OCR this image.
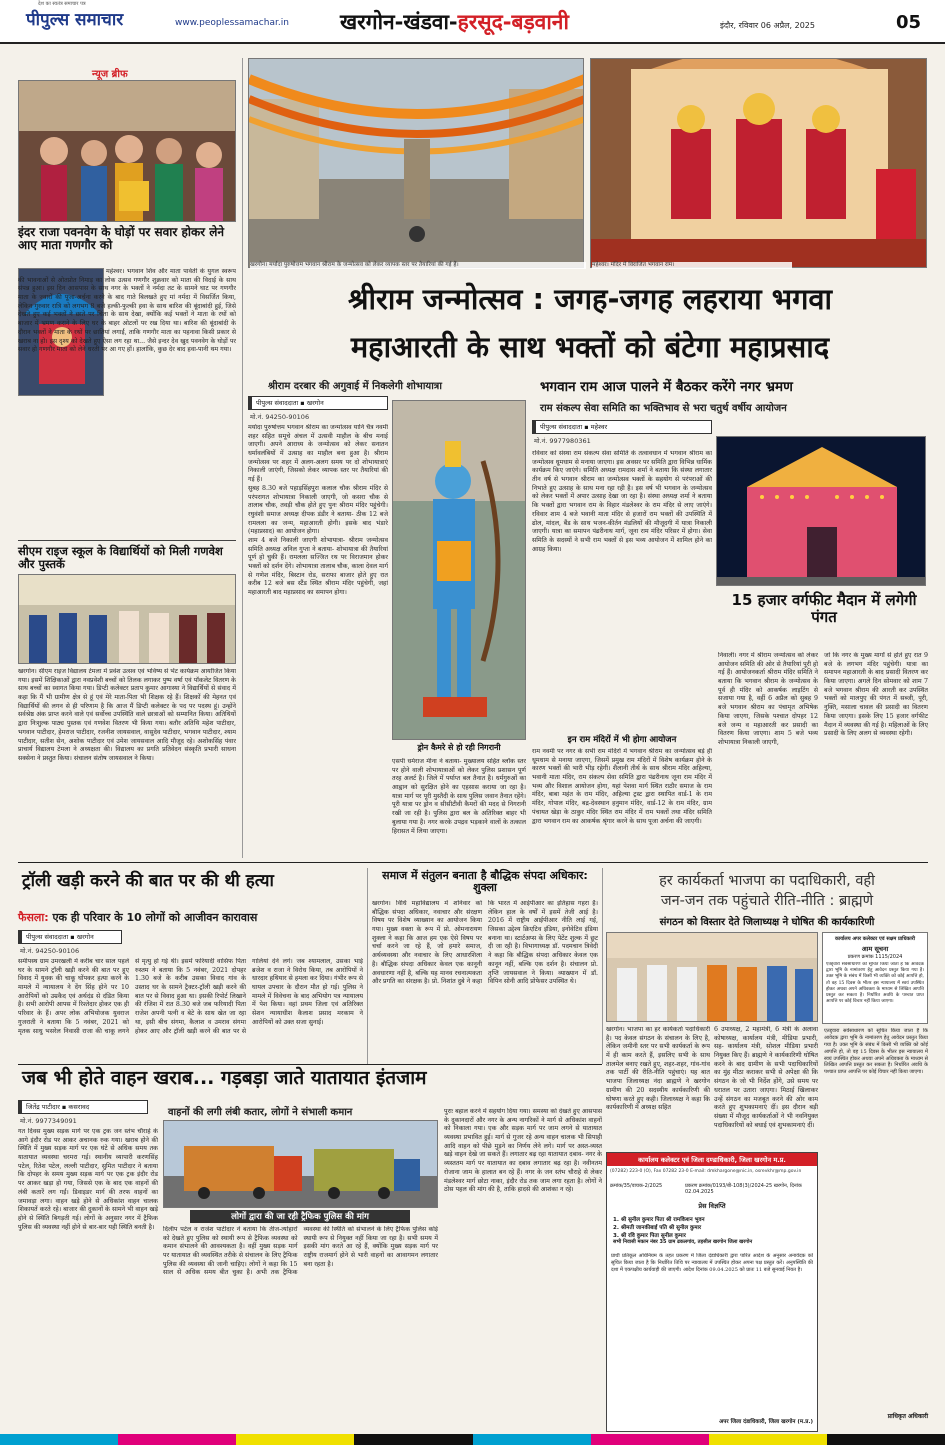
देश का स्वतंत्र समाचार पत्र
पीपुल्स समाचार	www.peoplessamachar.in खरगोन-खंडवा-हरसूद-बड़वानी	इंदौर, रविवार 06 अप्रैल, 2025	05
न्यूज ब्रीफ
इंदर राजा पवनवेग के घोड़ों पर सवार होकर लेने आए माता गणगौर को
महेश्वर। भगवान शिव और माता पार्वती के युगल स्वरूप की भावनाओं से ओतप्रोत निमाड़ का लोक उत्सव गणगौर शुक्रवार को माता की विदाई के साथ संपन्न हुआ। इस दिन आसपास के साथ नगर के भक्तों ने नर्मदा तट के सामने घाट पर गणगौर माता के ज्वारों की पूजा-अर्चना करने के बाद गाते बिलखते हुए मां नर्मदा में विसर्जित किया, लेकिन गुरुवार रात्रि को लगभग 8 बजे हल्की-फुल्की हवा के साथ बारिश की बूंदाबांदी हुई, जिसे देखते हुए कई भक्तों ने छाते पर चिंता के साथ देखा, क्योंकि कई भक्तों ने माता के रथों को बाजार में भ्रमण कराने के लिए घर के बाहर ओटलों पर रख दिया था। बारिश की बूंदाबांदी के दौरान भक्तों ने माता के रथों पर छातियां लगाईं, ताकि गणगौर माता का पहनावा किसी प्रकार से खराब ना हो। इस दृश्य को देखते हुए ऐसा लग रहा था... जैसे इन्दर देव खुद पवनवेग के घोड़ों पर सवार हो गणगौर माता को लेने धरती पर आ गए हों। हालांकि, कुछ देर बाद हवा-पानी थम गया।
सीएम राइज स्कूल के विद्यार्थियों को मिली गणवेश और पुस्तकें
खरगोन। सीएम राइज विद्यालय टेमला में प्रवेश उत्सव एवं भविष्य से भेंट कार्यक्रम आयोजित किया गया। इसमें शिक्षिकाओं द्वारा नवप्रवेशी बच्चों को तिलक लगाकर पुष्प वर्षा एवं पॉकलेट वितरण के साथ बच्चों का स्वागत किया गया। डिप्टी कलेक्टर प्रताप कुमार आगास्या ने विद्यार्थियों से संवाद में कहा कि मैं भी ग्रामीण क्षेत्र से हूं एवं मेरे माता-पिता भी शिक्षक रहे हैं। शिक्षकों की मेहनत एवं विद्यार्थियों की लगन से ही परिणाम है कि आज मैं डिप्टी कलेक्टर के पद पर पदस्थ हूं। उन्होंने सर्वश्रेष्ठ अंक प्राप्त करने वाले एवं सर्वोच्च उपस्थिति वाले छात्राओं को सम्मानित किया। अतिथियों द्वारा निःशुल्क पाठ्य पुस्तक एवं गणवेश वितरण भी किया गया। बतौर अतिथि महेश पाटीदार, भगवान पाटीदार, हेमराज पाटीदार, रजनीश जायसवाल, वासुदेव पाटीदार, भगवान पाटीदार, श्याम पाटीदार, सतीश सेन, अशोक पाटीदार एवं उमेश जायसवाल आदि मौजूद रहे। अशोकसिंह पंवार प्राचार्य विद्यालय टेमला ने अध्यक्षता की। विद्यालय का प्रगति प्रतिवेदन संस्कृति प्रभारी साधना सक्सेना ने प्रस्तुत किया। संचालन संतोष जायसवाल ने किया।
खरगोन। मर्यादा पुरुषोत्तम भगवान श्रीराम के जन्मोत्सव को लेकर व्यापक स्तर पर तैयारियां की गई हैं।	महेश्वर। मंदिर में विराजित भगवान राम।
श्रीराम जन्मोत्सव : जगह-जगह लहराया भगवा
महाआरती के साथ भक्तों को बंटेगा महाप्रसाद
श्रीराम दरबार की अगुवाई में निकलेगी शोभायात्रा
पीपुल्स संवाददाता ▪ खरगोन
मो.नं. 94250-90106
मर्यादा पुरुषोत्तम भगवान श्रीराम का जन्मोत्सव यानि चैत्र नवमी शहर सहित समूचे अंचल में उत्सवी माहौल के बीच मनाई जाएगी। अपने आराध्य के जन्मोत्सव को लेकर सनातन धर्मावलंबियों में उत्साह का माहौल बना हुआ है। श्रीराम जन्मोत्सव पर शहर में अलग-अलग समय पर दो शोभायात्राएं निकाली जाएंगी, जिसको लेकर व्यापक स्तर पर तैयारियां की गई हैं।
सुबह 8.30 बजे पहाड़सिंहपुरा कलाल चौक श्रीराम मंदिर से परंपरागत शोभायात्रा निकाली जाएगी, जो कसरा चौक से तालाब चौक, तवड़ी चौक होते हुए पुनः श्रीराम मंदिर पहुंचेगी। रघुवंशी समाज अध्यक्ष दीपक डंडीर ने बताया- ठीक 12 बजे रामलला का जन्म, महाआरती होगी। इसके बाद भंडारे (महाप्रसाद) का आयोजन होगा।
शाम 4 बजे निकाली जाएगी शोभायात्रा- श्रीराम जन्मोत्सव समिति अध्यक्ष अनिल गुप्ता ने बताया- शोभायात्रा की तैयारियां पूर्ण हो चुकी हैं। रामलला सज्जित रथ पर विराजमान होकर भक्तों को दर्शन देंगे। शोभायात्रा तालाब चौक, काला देवल मार्ग से गणेश मंदिर, बिस्टान रोड, सराफा बाजार होते हुए रात करीब 12 बजे बस स्टैंड स्थित श्रीराम मंदिर पहुंचेगी, जहां महाआरती बाद महाप्रसाद का समापन होगा।
ड्रोन कैमरे से हो रही निगरानी
एसपी धर्मराज मीना ने बताया- मुख्यालय सहित ब्लॉक स्तर पर होने वाली शोभायात्राओं को लेकर पुलिस प्रशासन पूर्ण तरह अलर्ट है। जिले में पर्याप्त बल तैनात है। धर्मगुरुओं का आह्वान को सुरक्षित होने का एहसास कराया जा रहा है। यात्रा मार्ग पर पूरी मुस्तैदी के साथ पुलिस जवान तैनात रहेंगे। पूरी यात्रा पर ड्रोन व सीसीटीवी कैमरों की मदद से निगरानी रखी जा रही है। पुलिस द्वारा बल के अतिरिक्त बाहर भी बुलाया गया है। नगर करके उपद्रव भड़काने वालों के तत्काल हिरासत में लिया जाएगा।
भगवान राम आज पालने में बैठकर करेंगे नगर भ्रमण
राम संकल्प सेवा समिति का भक्तिभाव से भरा चतुर्थ वर्षीय आयोजन
पीपुल्स संवाददाता ▪ महेश्वर
मो.नं. 9977980361
रविवार को संस्था राम संकल्प सेवा समिति के तत्वावधान में भगवान श्रीराम का जन्मोत्सव धूमधाम से मनाया जाएगा। इस अवसर पर समिति द्वारा विभिन्न धार्मिक कार्यक्रम किए जाएंगे। समिति अध्यक्ष रामदास शर्मा ने बताया कि संस्था लगातार तीन वर्ष से भगवान श्रीराम का जन्मोत्सव भक्तों के सहयोग से परंपराओं की निभाते हुए उत्साह के साथ मना रहा रही है। इस वर्ष भी भगवान के जन्मोत्सव को लेकर भक्तों में अपार उत्साह देखा जा रहा है। संस्था अध्यक्ष शर्मा ने बताया कि भक्तों द्वारा भगवान राम के विहार मंडलेश्वर के राम मंदिर से लाए जाएंगे। रविवार शाम 4 बजे भवानी माता मंदिर से हजारों राम भक्तों की उपस्थिति में ढोल, मांदल, बैंड के साथ भजन-कीर्तन मंडलियों की मौजूदगी में यात्रा निकाली जाएगी। यात्रा का समापन पंढरीनाथ मार्ग, जूना राम मंदिर परिसर में होगा। सेवा समिति के सदस्यों ने सभी राम भक्तों से इस भव्य आयोजन में शामिल होने का आग्रह किया।
इन राम मंदिरों में भी होगा आयोजन
राम नवमी पर नगर के सभी राम मंदिरों में भगवान श्रीराम का जन्मोत्सव बड़े ही धूमधाम से मनाया जाएगा, जिसमें प्रमुख राम मंदिरों में विशेष कार्यक्रम होने के कारण भक्तों की भारी भीड़ रहेगी। शैलानी तीर्थ के साथ श्रीराम मंदिर अहिल्या, भवानी माता मंदिर, राम संकल्प सेवा समिति द्वारा पंढरीनाथ जूना राम मंदिर में भव्य और विशाल आयोजन होगा, यहां पेशवा मार्ग स्थित राठौर समाज के राम मंदिर, बाबा महंत के राम मंदिर, अहिल्या ट्रस्ट द्वारा स्थापित वार्ड-1 के राम मंदिर, गोपाल मंदिर, बद्र-देवस्थान हनुमान मंदिर, वार्ड-12 के राम मंदिर, ग्राम पंचायत खेड़ा के ठाकुर मंदिर स्थित राम मंदिर में राम भक्तों तथा मंदिर समिति द्वारा भगवान राम का आकर्षक श्रृंगार करने के साथ पूजा अर्चना की जाएगी।
15 हजार वर्गफीट मैदान में लगेगी पंगत
निवाली। नगर में श्रीराम जन्मोत्सव को लेकर आयोजन समिति की ओर से तैयारियां पूरी हो गई हैं। आयोजनकर्ता श्रीराम मंदिर समिति ने बताया कि भगवान श्रीराम के जन्मोत्सव के पूर्व ही मंदिर को आकर्षक लाइटिंग से सजाया गया है, वहीं 6 अप्रैल को सुबह 9 बजे भगवान श्रीराम का पंचामृत अभिषेक किया जाएगा, जिसके पश्चात दोपहर 12 बजे जन्म व महाआरती कर प्रसादी का वितरण किया जाएगा। शाम 5 बजे भव्य शोभायात्रा निकाली जाएगी,
जो कि नगर के मुख्य मार्गों से होते हुए रात 9 बजे के लगभग मंदिर पहुंचेगी। यात्रा का समापन महाआरती के बाद प्रसादी वितरण कर किया जाएगा। अगले दिन सोमवार को शाम 7 बजे भगवान श्रीराम की आरती कर उपस्थित भक्तों को मालपुए की पंगत में सब्जी, पूरी, नुक्ति, मसाला चावल की प्रसादी का वितरण किया जाएगा। इसके लिए 15 हजार वर्गफीट मैदान में व्यवस्था की गई है। महिलाओं के लिए प्रसादी के लिए अलग से व्यवस्था रहेगी।
ट्रॉली खड़ी करने की बात पर की थी हत्या
फैसला: एक ही परिवार के 10 लोगों को आजीवन कारावास
पीपुल्स संवाददाता ▪ खरगोन
मो.नं. 94250-90106
समीपस्थ ग्राम उमरखली में करीब चार साल पहले घर के सामने ट्रॉली खड़ी करने की बात पर हुए विवाद में युवक की चाकू घोंपकर हत्या करने के मामले में न्यायालय ने देंग सिंह होने पर 10 आरोपियों को उम्रकैद एवं अर्थदंड से दंडित किया है। सभी आरोपी आपस में रिश्तेदार होकर एक ही परिवार के हैं। अपर लोक अभियोजक युवराज गुजराती ने बताया कि 5 नवंबर, 2021 को मृतक साधु भसरेल निवासी राजा की चाकू लगने से मृत्यु हो गई थी। इसमें फरियादी वासिफ पिता रुस्तम ने बताया कि 5 नवंबर, 2021 दोपहर 1.30 बजे के करीब उसका विवाद गांव के उस्ताद घर के सामने ट्रैक्टर-ट्रॉली खड़ी करने की बात पर से विवाद हुआ था। इसकी रिपोर्ट लिखाने की रंजिश में रात 8.30 बजे जब फरियादी पिता राजेश अपनी पत्नी व बेटे के साथ खेत जा रहा था, इसी बीच संगमा, कैलाश व उमराव संगमा होकर आए और ट्रॉली खड़ी करने की बात पर से गालियां देने लगे। जब श्यामलाल, उसका भाई ब्रजेश व राजा ने विरोध किया, तब आरोपियों ने धारदार हथियार से हमला कर दिया। गंभीर रूप से घायल उपचार के दौरान मौत हो गई। पुलिस ने मामले में विवेचना के बाद अभियोग पत्र न्यायालय में पेश किया। वहां प्रथम जिला एवं अतिरिक्त सेशन न्यायाधीश कैलाश प्रसाद मरकाम ने आरोपियों को उक्त सजा सुनाई।
समाज में संतुलन बनाता है बौद्धिक संपदा अधिकार: शुक्ला
खरगोन। विधि महाविद्यालय में शनिवार को बौद्धिक संपदा अधिकार, नवाचार और संरक्षण विषय पर विशेष व्याख्यान का आयोजन किया गया। मुख्य वक्ता के रूप में प्रो. ओमनारायण शुक्ला ने कहा कि आज हम एक ऐसे विषय पर चर्चा करने जा रहे हैं, जो हमारे समाज, अर्थव्यवस्था और नवाचार के लिए आधारशिला है। बौद्धिक संपदा अधिकार केवल एक कानूनी अवधारणा नहीं है, बल्कि यह मानव रचनात्मकता और प्रगति का संरक्षक है। प्रो. निशांत दुबे ने कहा कि भारत में आईपीआर का इतिहास गहरा है। लेकिन हाल के वर्षों में इसमें तेजी आई है। 2016 में राष्ट्रीय आईपीआर नीति लाई गई, जिसका उद्देश्य क्रिएटिव इंडिया, इनोवेटिव इंडिया बनाना था। स्टार्टअप्स के लिए पेटेंट शुल्क में छूट दी जा रही है। विभागाध्यक्ष डॉ. पदमचान त्रिवेदी ने कहा कि बौद्धिक संपदा अधिकार केवल एक कानून नहीं, बल्कि एक दर्शन है। संचालन प्रो. तृप्ति जायसवाल ने किया। व्याख्यान में डॉ. विपिन सोनी आदि प्रोफेसर उपस्थित थे।
हर कार्यकर्ता भाजपा का पदाधिकारी, वही
जन-जन तक पहुंचाते रीति-नीति : ब्राह्मणे
संगठन को विस्तार देते जिलाध्यक्ष ने घोषित की कार्यकारिणी
कार्यालय अपर कलेक्टर एवं सक्षम प्राधिकारी
आम सूचना
प्रकरण क्रमांक 1115/2024
एतद्द्वारा सर्वसाधारण को सूचित किया जाता है कि आवेदक द्वारा भूमि के नामांतरण हेतु आवेदन प्रस्तुत किया गया है। उक्त भूमि के संबंध में किसी भी व्यक्ति को कोई आपत्ति हो, तो वह 15 दिवस के भीतर इस न्यायालय में स्वयं उपस्थित होकर अथवा अपने अधिवक्ता के माध्यम से लिखित आपत्ति प्रस्तुत कर सकता है। निर्धारित अवधि के पश्चात प्राप्त आपत्ति पर कोई विचार नहीं किया जाएगा।
खरगोन। भाजपा का हर कार्यकर्ता पदाधिकारी है। पद केवल संगठन के संचालन के लिए है, लेकिन जमीनी स्तर पर सभी कार्यकर्ता के रूप में ही काम करते हैं, इसलिए सभी के साथ तालमेल बनाए रखते हुए, शहर-शहर, गांव-गांव तक पार्टी की रीति-नीति पहुंचाएं। यह बात भाजपा जिलाध्यक्ष नंदा ब्राह्मणे ने खरगोन ग्रामीण की 20 सदस्यीय कार्यकारिणी की घोषणा करते हुए कही। जिलाध्यक्ष ने कहा कि कार्यकारिणी में अध्यक्ष सहित
6 उपाध्यक्ष, 2 महामंत्री, 6 मंत्री के अलावा कोषाध्यक्ष, कार्यालय मंत्री, मीडिया प्रभारी, सह- कार्यालय मंत्री, सोशल मीडिया प्रभारी नियुक्त किए हैं। ब्राह्मणे ने कार्यकारिणी घोषित करने के बाद ग्रामीण के सभी पदाधिकारियों का मुंह मीठा कराकर सभी से अपेक्षा की कि संगठन के जो भी निर्देश होंगे, उसे समय पर धरातल पर उतारा जाएगा। मिठाई खिलाकर उन्हें संगठन का मजबूत करने की ओर काम करते हुए शुभकामनाएं दीं। इस दौरान बड़ी संख्या में मौजूद कार्यकर्ताओं ने भी नवनियुक्त पदाधिकारियों को बधाई एवं शुभकामनाएं दीं।
एतद्द्वारा सर्वसाधारण को सूचित किया जाता है कि आवेदक द्वारा भूमि के नामांतरण हेतु आवेदन प्रस्तुत किया गया है। उक्त भूमि के संबंध में किसी भी व्यक्ति को कोई आपत्ति हो, तो वह 15 दिवस के भीतर इस न्यायालय में स्वयं उपस्थित होकर अथवा अपने अधिवक्ता के माध्यम से लिखित आपत्ति प्रस्तुत कर सकता है। निर्धारित अवधि के पश्चात प्राप्त आपत्ति पर कोई विचार नहीं किया जाएगा।
प्राधिकृत अधिकारी
जब भी होते वाहन खराब... गड़बड़ा जाते यातायात इंतजाम
जितेंद्र पाटीदार ▪ कसरावद
मो.नं. 9977349091
वाहनों की लगी लंबी कतार, लोगों ने संभाली कमान
गत दिवस मुख्य सड़क मार्ग पर एक ट्रक जन स्तंभ चौराहे के आगे इंदौर रोड पर आकर अचानक रुक गया। खराब होने की स्थिति में मुख्य सड़क मार्ग पर एक घंटे से अधिक समय तक यातायात व्यवस्था चरमरा गई। स्थानीय व्यापारी करणसिंह पटेल, रितेश पटेल, लल्ली पाटीदार, सुमित पाटीदार ने बताया कि दोपहर के समय मुख्य सड़क मार्ग पर एक ट्रक इंदौर रोड पर आकर खड़ा हो गया, जिससे एक के बाद एक वाहनों की लंबी कतारें लग गईं। डिवाइडर मार्ग की तरफ वाहनों का जमावड़ा लगा। वाहन खड़े होने से अधिकांश वाहन चालक शिकायतें करते रहे। बाजार की दुकानों के सामने भी वाहन खड़े होने से स्थिति बिगड़ती गई। लोगों के अनुसार नगर में ट्रैफिक पुलिस की व्यवस्था नहीं होने से बार-बार यही स्थिति बनती है।
लोगों द्वारा की जा रही ट्रैफिक पुलिस की मांग
दिलीप पटेल व राजेश पाटीदार ने बताया कि तीज-त्योहारों को देखते हुए पुलिस को स्थायी रूप से ट्रैफिक व्यवस्था को कमान संभालने की आवश्यकता है। वहीं मुख्य सड़क मार्ग पर यातायात की व्यवस्थित तरीके से संचालन के लिए ट्रैफिक पुलिस की व्यवस्था की जानी चाहिए। लोगों ने कहा कि 15 साल से अधिक समय बीत चुका है। अभी तक ट्रैफिक व्यवस्था की स्थिति को संभालने के लिए ट्रैफिक पुलिस कोई स्थायी रूप से नियुक्त नहीं किया जा रहा है। सभी समय में इसकी मांग करते आ रहे हैं, क्योंकि मुख्य सड़क मार्ग पर राष्ट्रीय राजमार्ग होने से भारी वाहनों का आवागमन लगातार बना रहता है।
पुराः बहाल करने में सहयोग दिया गया। समस्या को देखते हुए आसपास के दुकानदारों और नगर के अन्य नागरिकों ने मार्ग से अधिकांश वाहनों को निकाला गया। एक और सड़क मार्ग पर जाम लगने से यातायात व्यवस्था प्रभावित हुई। मार्ग से गुजर रहे अन्य वाहन चालक भी सिपाही आदि वाहन को पीछे मुड़ने का निर्णय लेने लगे। मार्ग पर अस्त-व्यस्त खड़े वाहन देखे जा सकते हैं। लगातार बढ़ रहा यातायात दबाव- नगर के व्यस्ततम मार्ग पर यातायात का दबाव लगातार बढ़ रहा है। नवीनतम रोजाना जाम के हालात बन रहे हैं। नगर के जन स्तंभ चौराहे से लेकर मंडलेश्वर मार्ग छोटा नाका, इंदौर रोड तक जाम लगा रहता है। लोगों ने ठोस पहल की मांग की है, ताकि हादसे की आशंका न रहे।
कार्यालय कलेक्टर एवं जिला दण्डाधिकारी, जिला खरगोन म.प्र.
(07282) 223-0 (O), Fax 07282 23-0 E-mail: dmkhargone@nic.in, osrevkhr@mp.gov.in
क्रमांक/35/वाचक-2/2025	प्रकरण क्रमांक/0193/बी-108(3)/2024-25 खरगोन, दिनांक 02.04.2025
प्रेस विज्ञप्ति
1. श्री सुनील कुमार पिता श्री रामकिशन भुवन
2. श्रीमती जानकीबाई पति श्री सुनील कुमार
3. श्री रवि कुमार पिता सुनील कुमार
सभी निवासी मकान नंबर 35 ग्राम ढकलगांव, तहसील खरगोन जिला खरगोन
प्रार्थी प्रतिकूल अधिनियम के तहत प्रकरण में जिला दंडाधिकारी द्वारा पारित आदेश के अनुसार अनावेदक को सूचित किया जाता है कि निर्धारित तिथि पर न्यायालय में उपस्थित होकर अपना पक्ष प्रस्तुत करें। अनुपस्थिति की दशा में एकपक्षीय कार्यवाही की जाएगी। आदेश दिनांक 09.04.2025 को प्रातः 11 बजे सुनवाई नियत है।
अपर जिला दंडाधिकारी, जिला खरगोन (म.प्र.)
